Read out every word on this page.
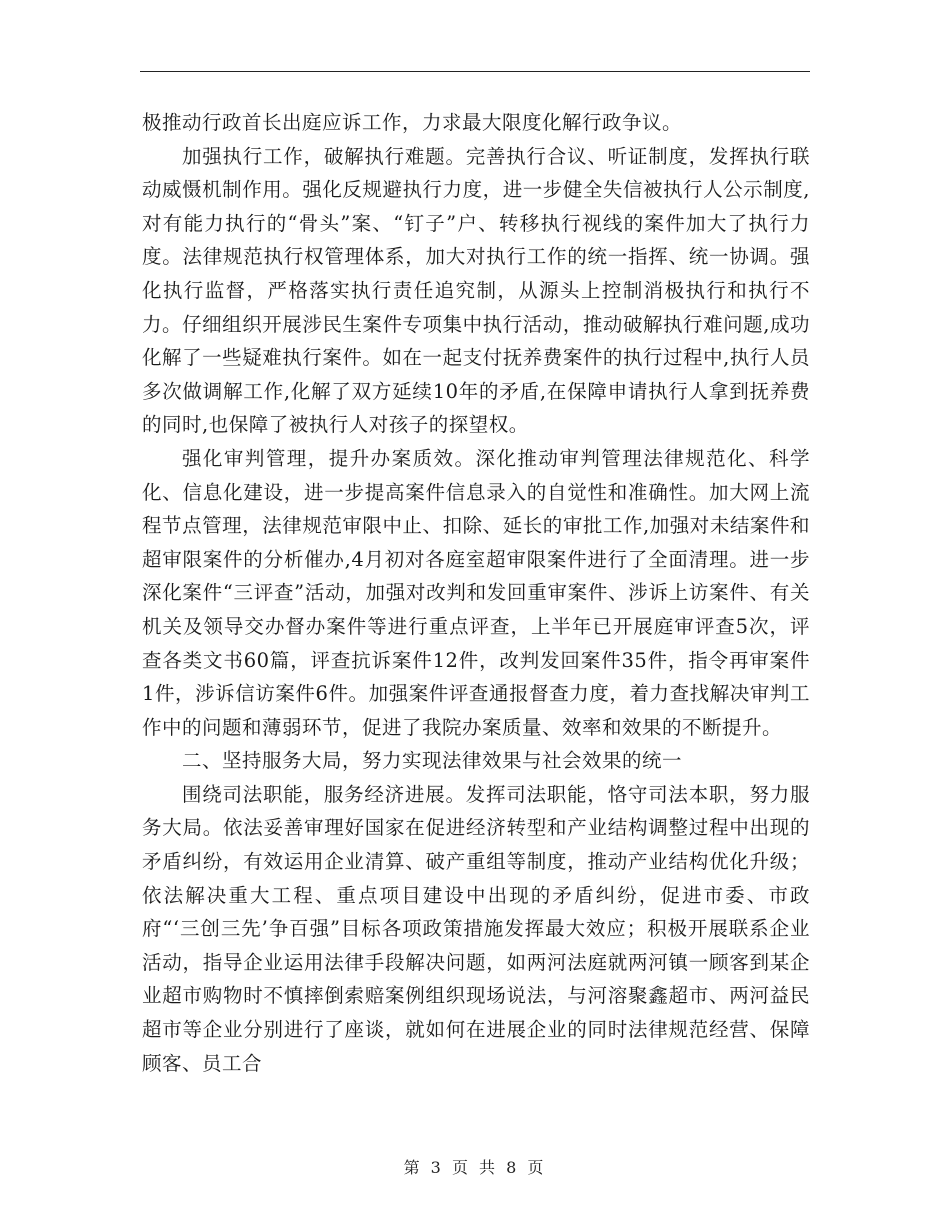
极推动行政首长出庭应诉工作，力求最大限度化解行政争议。

加强执行工作，破解执行难题。完善执行合议、听证制度，发挥执行联动威慑机制作用。强化反规避执行力度，进一步健全失信被执行人公示制度,对有能力执行的“骨头”案、“钉子”户、转移执行视线的案件加大了执行力度。法律规范执行权管理体系，加大对执行工作的统一指挥、统一协调。强化执行监督，严格落实执行责任追究制，从源头上控制消极执行和执行不力。仔细组织开展涉民生案件专项集中执行活动，推动破解执行难问题,成功化解了一些疑难执行案件。如在一起支付抚养费案件的执行过程中,执行人员多次做调解工作,化解了双方延续10年的矛盾,在保障申请执行人拿到抚养费的同时,也保障了被执行人对孩子的探望权。

强化审判管理，提升办案质效。深化推动审判管理法律规范化、科学化、信息化建设，进一步提高案件信息录入的自觉性和准确性。加大网上流程节点管理，法律规范审限中止、扣除、延长的审批工作,加强对未结案件和超审限案件的分析催办,4月初对各庭室超审限案件进行了全面清理。进一步深化案件“三评查”活动，加强对改判和发回重审案件、涉诉上访案件、有关机关及领导交办督办案件等进行重点评查，上半年已开展庭审评查5次，评查各类文书60篇，评查抗诉案件12件，改判发回案件35件，指令再审案件1件，涉诉信访案件6件。加强案件评查通报督查力度，着力查找解决审判工作中的问题和薄弱环节，促进了我院办案质量、效率和效果的不断提升。

二、坚持服务大局，努力实现法律效果与社会效果的统一

围绕司法职能，服务经济进展。发挥司法职能，恪守司法本职，努力服务大局。依法妥善审理好国家在促进经济转型和产业结构调整过程中出现的矛盾纠纷，有效运用企业清算、破产重组等制度，推动产业结构优化升级；依法解决重大工程、重点项目建设中出现的矛盾纠纷，促进市委、市政府“‘三创三先’争百强”目标各项政策措施发挥最大效应；积极开展联系企业活动，指导企业运用法律手段解决问题，如两河法庭就两河镇一顾客到某企业超市购物时不慎摔倒索赔案例组织现场说法，与河溶聚鑫超市、两河益民超市等企业分别进行了座谈，就如何在进展企业的同时法律规范经营、保障顾客、员工合

第 3 页 共 8 页
